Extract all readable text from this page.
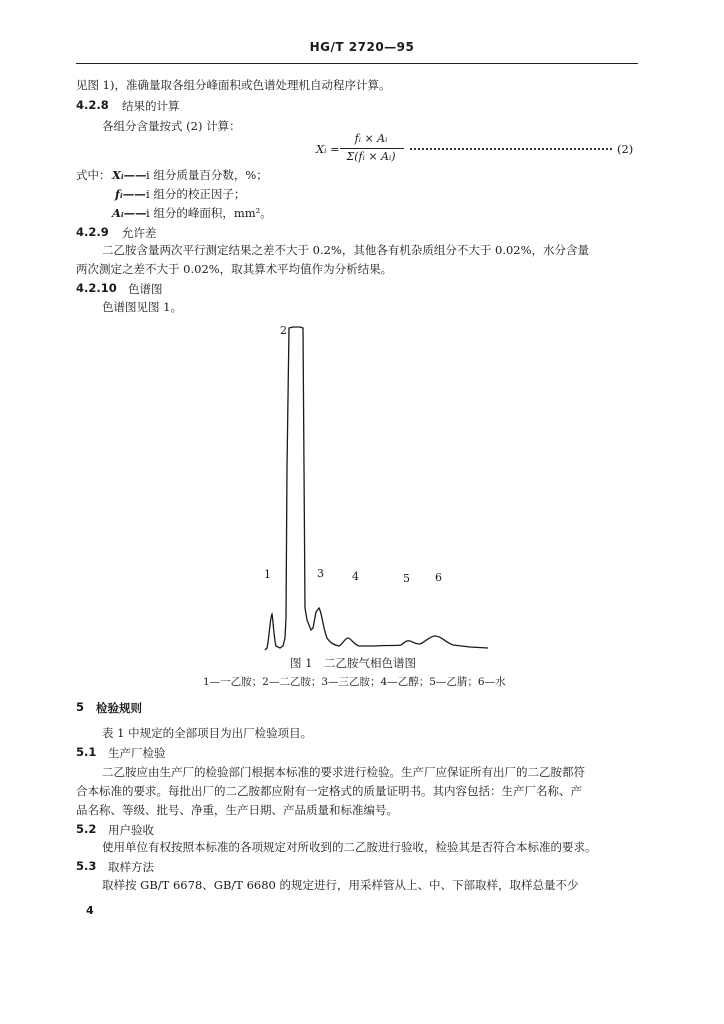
HG/T 2720—95
见图 1)，准确量取各组分峰面积或色谱处理机自动程序计算。
4.2.8 结果的计算
各组分含量按式 (2) 计算：
Xᵢ =
fᵢ × Aᵢ
Σ(fᵢ × Aᵢ)
(2)
式中： Xᵢ—— i 组分质量百分数，%；
fᵢ—— i 组分的校正因子；
Aᵢ—— i 组分的峰面积，mm²。
4.2.9 允许差
二乙胺含量两次平行测定结果之差不大于 0.2%，其他各有机杂质组分不大于 0.02%，水分含量
两次测定之差不大于 0.02%，取其算术平均值作为分析结果。
4.2.10 色谱图
色谱图见图 1。
1
2
3	4	5 6
图 1　二乙胺气相色谱图
1—一乙胺；2—二乙胺；3—三乙胺；4—乙醇；5—乙腈；6—水
5 检验规则
表 1 中规定的全部项目为出厂检验项目。
5.1 生产厂检验
二乙胺应由生产厂的检验部门根据本标准的要求进行检验。生产厂应保证所有出厂的二乙胺都符
合本标准的要求。每批出厂的二乙胺都应附有一定格式的质量证明书。其内容包括：生产厂名称、产
品名称、等级、批号、净重，生产日期、产品质量和标准编号。
5.2 用户验收
使用单位有权按照本标准的各项规定对所收到的二乙胺进行验收，检验其是否符合本标准的要求。
5.3 取样方法
取样按 GB/T 6678、GB/T 6680 的规定进行，用采样管从上、中、下部取样，取样总量不少
4
